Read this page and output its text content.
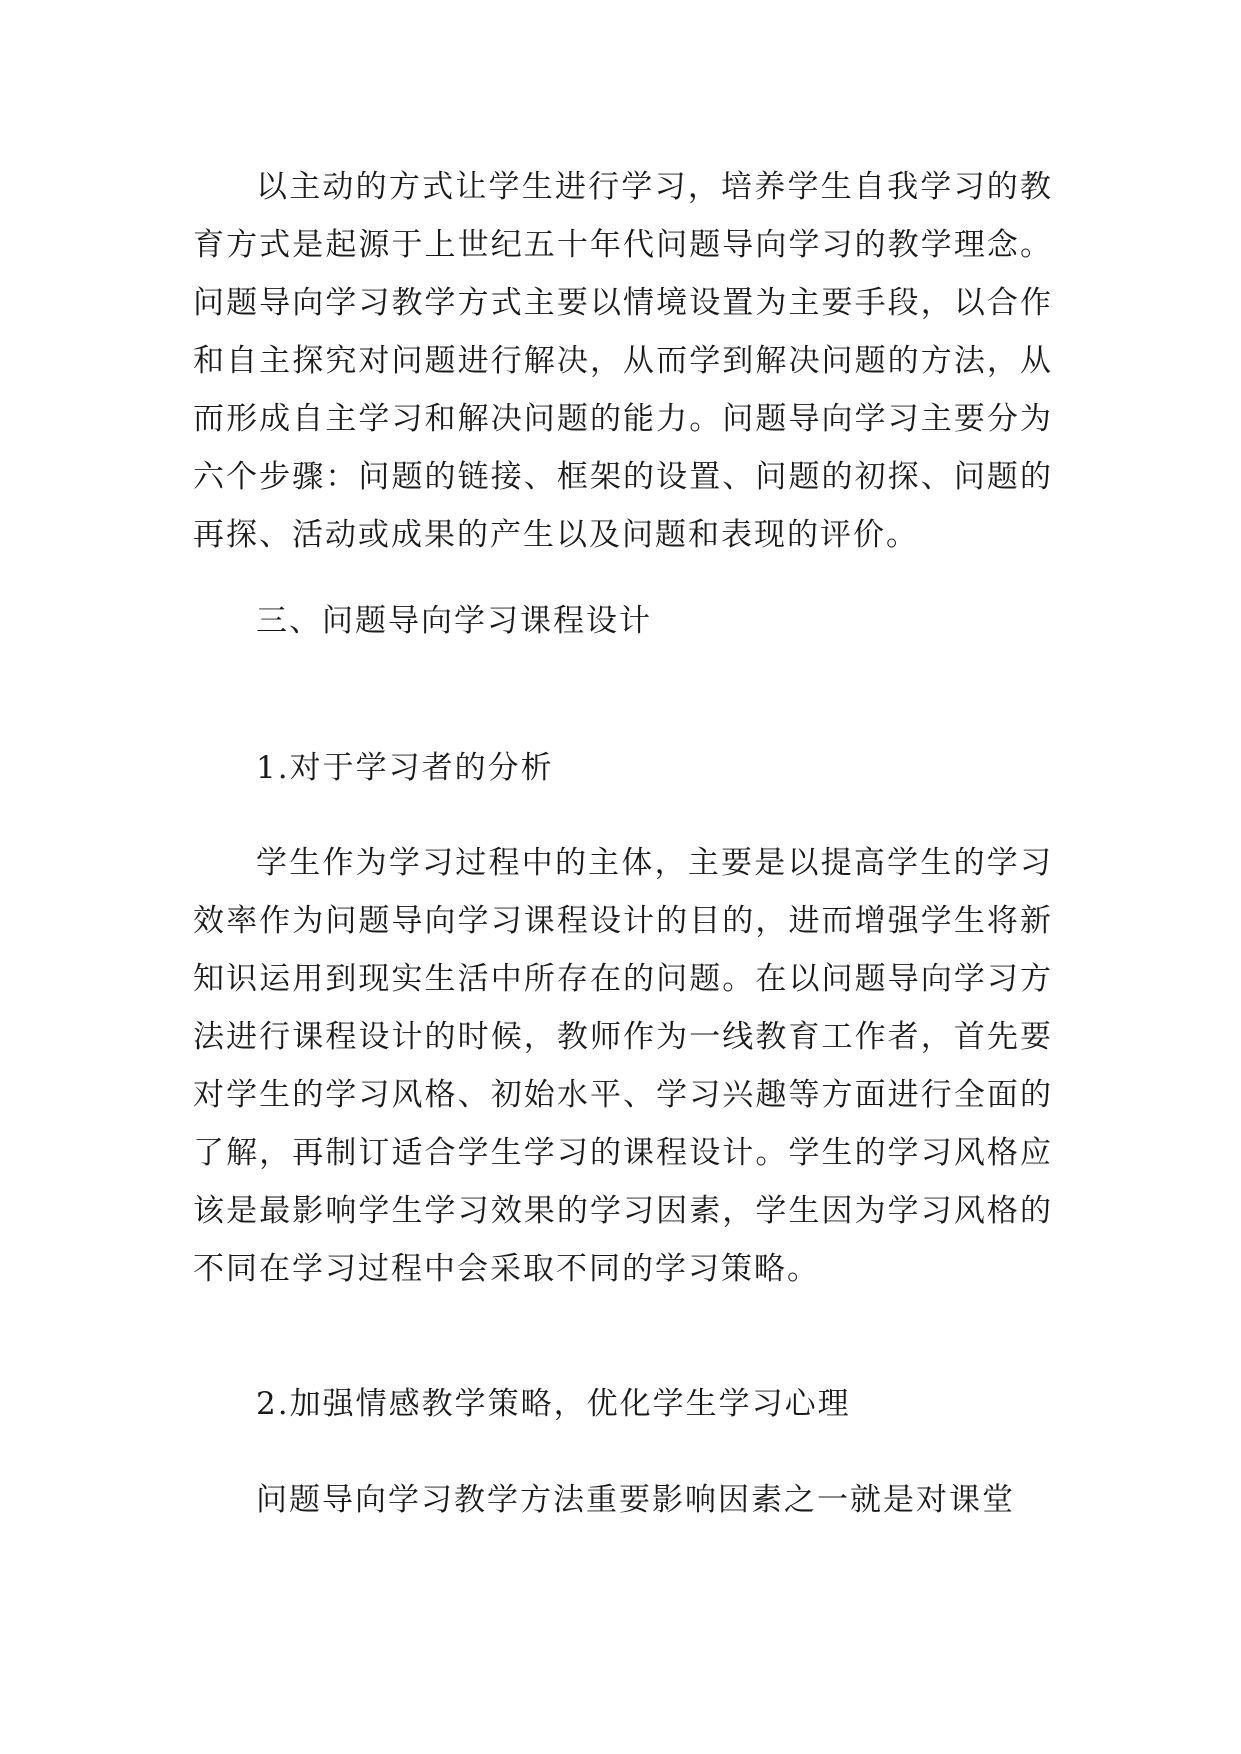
以主动的方式让学生进行学习，培养学生自我学习的教育方式是起源于上世纪五十年代问题导向学习的教学理念。问题导向学习教学方式主要以情境设置为主要手段，以合作和自主探究对问题进行解决，从而学到解决问题的方法，从而形成自主学习和解决问题的能力。问题导向学习主要分为六个步骤：问题的链接、框架的设置、问题的初探、问题的再探、活动或成果的产生以及问题和表现的评价。

三、问题导向学习课程设计

1.对于学习者的分析

学生作为学习过程中的主体，主要是以提高学生的学习效率作为问题导向学习课程设计的目的，进而增强学生将新知识运用到现实生活中所存在的问题。在以问题导向学习方法进行课程设计的时候，教师作为一线教育工作者，首先要对学生的学习风格、初始水平、学习兴趣等方面进行全面的了解，再制订适合学生学习的课程设计。学生的学习风格应该是最影响学生学习效果的学习因素，学生因为学习风格的不同在学习过程中会采取不同的学习策略。

2.加强情感教学策略，优化学生学习心理

问题导向学习教学方法重要影响因素之一就是对课堂
